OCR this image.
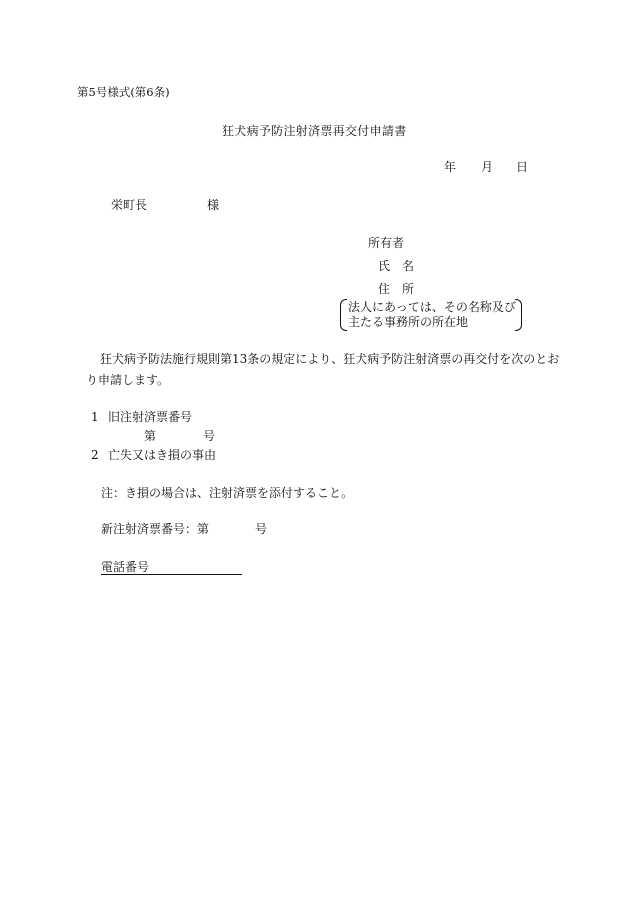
第5号様式(第6条)
狂犬病予防注射済票再交付申請書
年 月 日
栄町長	様
所有者
氏　名
住　所
法人にあっては、その名称及び
主たる事務所の所在地
狂犬病予防法施行規則第13条の規定により、狂犬病予防注射済票の再交付を次のとお
り申請します。
1 旧注射済票番号
第	号
2 亡失又はき損の事由
注：き損の場合は、注射済票を添付すること。
新注射済票番号：第	号
電話番号
